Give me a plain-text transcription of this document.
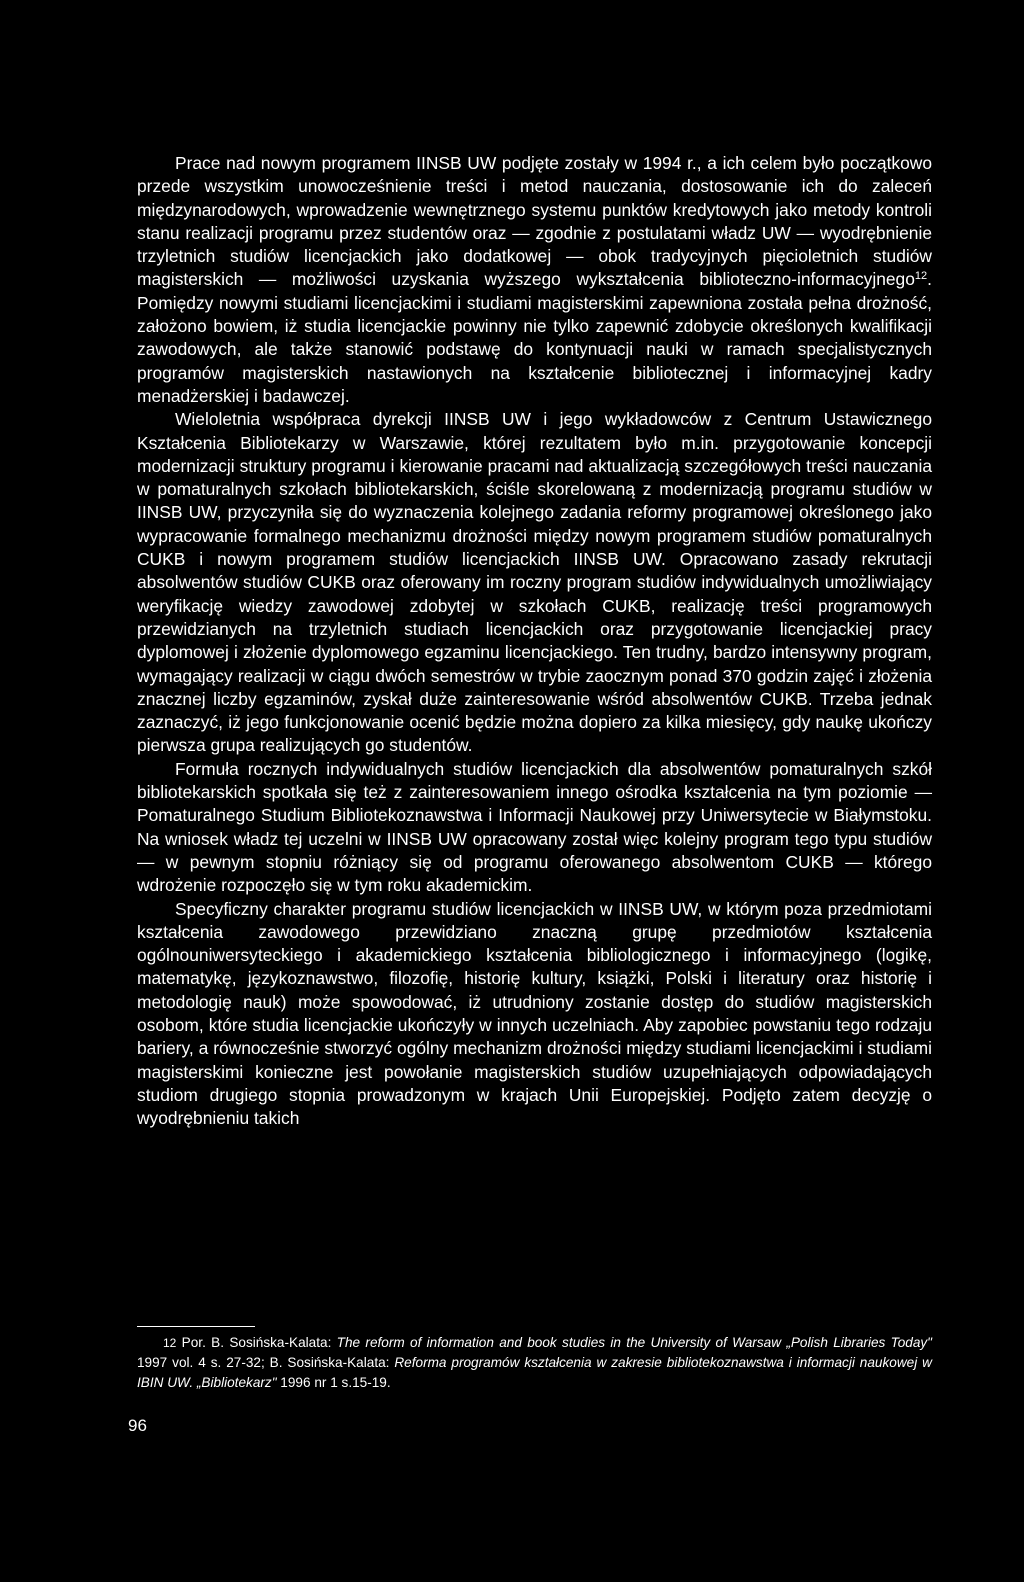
Prace nad nowym programem IINSB UW podjęte zostały w 1994 r., a ich celem było początkowo przede wszystkim unowocześnienie treści i metod nauczania, dostosowanie ich do zaleceń międzynarodowych, wprowadzenie wewnętrznego systemu punktów kredytowych jako metody kontroli stanu realizacji programu przez studentów oraz — zgodnie z postulatami władz UW — wyodrębnienie trzyletnich studiów licencjackich jako dodatkowej — obok tradycyjnych pięcioletnich studiów magisterskich — możliwości uzyskania wyższego wykształcenia biblioteczno-informacyjnego$^{12}$. Pomiędzy nowymi studiami licencjackimi i studiami magisterskimi zapewniona została pełna drożność, założono bowiem, iż studia licencjackie powinny nie tylko zapewnić zdobycie określonych kwalifikacji zawodowych, ale także stanowić podstawę do kontynuacji nauki w ramach specjalistycznych programów magisterskich nastawionych na kształcenie bibliotecznej i informacyjnej kadry menadżerskiej i badawczej.

Wieloletnia współpraca dyrekcji IINSB UW i jego wykładowców z Centrum Ustawicznego Kształcenia Bibliotekarzy w Warszawie, której rezultatem było m.in. przygotowanie koncepcji modernizacji struktury programu i kierowanie pracami nad aktualizacją szczegółowych treści nauczania w pomaturalnych szkołach bibliotekarskich, ściśle skorelowaną z modernizacją programu studiów w IINSB UW, przyczyniła się do wyznaczenia kolejnego zadania reformy programowej określonego jako wypracowanie formalnego mechanizmu drożności między nowym programem studiów pomaturalnych CUKB i nowym programem studiów licencjackich IINSB UW. Opracowano zasady rekrutacji absolwentów studiów CUKB oraz oferowany im roczny program studiów indywidualnych umożliwiający weryfikację wiedzy zawodowej zdobytej w szkołach CUKB, realizację treści programowych przewidzianych na trzyletnich studiach licencjackich oraz przygotowanie licencjackiej pracy dyplomowej i złożenie dyplomowego egzaminu licencjackiego. Ten trudny, bardzo intensywny program, wymagający realizacji w ciągu dwóch semestrów w trybie zaocznym ponad 370 godzin zajęć i złożenia znacznej liczby egzaminów, zyskał duże zainteresowanie wśród absolwentów CUKB. Trzeba jednak zaznaczyć, iż jego funkcjonowanie ocenić będzie można dopiero za kilka miesięcy, gdy naukę ukończy pierwsza grupa realizujących go studentów.

Formuła rocznych indywidualnych studiów licencjackich dla absolwentów pomaturalnych szkół bibliotekarskich spotkała się też z zainteresowaniem innego ośrodka kształcenia na tym poziomie — Pomaturalnego Studium Bibliotekoznawstwa i Informacji Naukowej przy Uniwersytecie w Białymstoku. Na wniosek władz tej uczelni w IINSB UW opracowany został więc kolejny program tego typu studiów — w pewnym stopniu różniący się od programu oferowanego absolwentom CUKB — którego wdrożenie rozpoczęło się w tym roku akademickim.

Specyficzny charakter programu studiów licencjackich w IINSB UW, w którym poza przedmiotami kształcenia zawodowego przewidziano znaczną grupę przedmiotów kształcenia ogólnouniwersyteckiego i akademickiego kształcenia bibliologicznego i informacyjnego (logikę, matematykę, językoznawstwo, filozofię, historię kultury, książki, Polski i literatury oraz historię i metodologię nauk) może spowodować, iż utrudniony zostanie dostęp do studiów magisterskich osobom, które studia licencjackie ukończyły w innych uczelniach. Aby zapobiec powstaniu tego rodzaju bariery, a równocześnie stworzyć ogólny mechanizm drożności między studiami licencjackimi i studiami magisterskimi konieczne jest powołanie magisterskich studiów uzupełniających odpowiadających studiom drugiego stopnia prowadzonym w krajach Unii Europejskiej. Podjęto zatem decyzję o wyodrębnieniu takich

12 Por. B. Sosińska-Kalata: The reform of information and book studies in the University of Warsaw „Polish Libraries Today" 1997 vol. 4 s. 27-32; B. Sosińska-Kalata: Reforma programów kształcenia w zakresie bibliotekoznawstwa i informacji naukowej w IBIN UW. „Bibliotekarz" 1996 nr 1 s.15-19.

96
